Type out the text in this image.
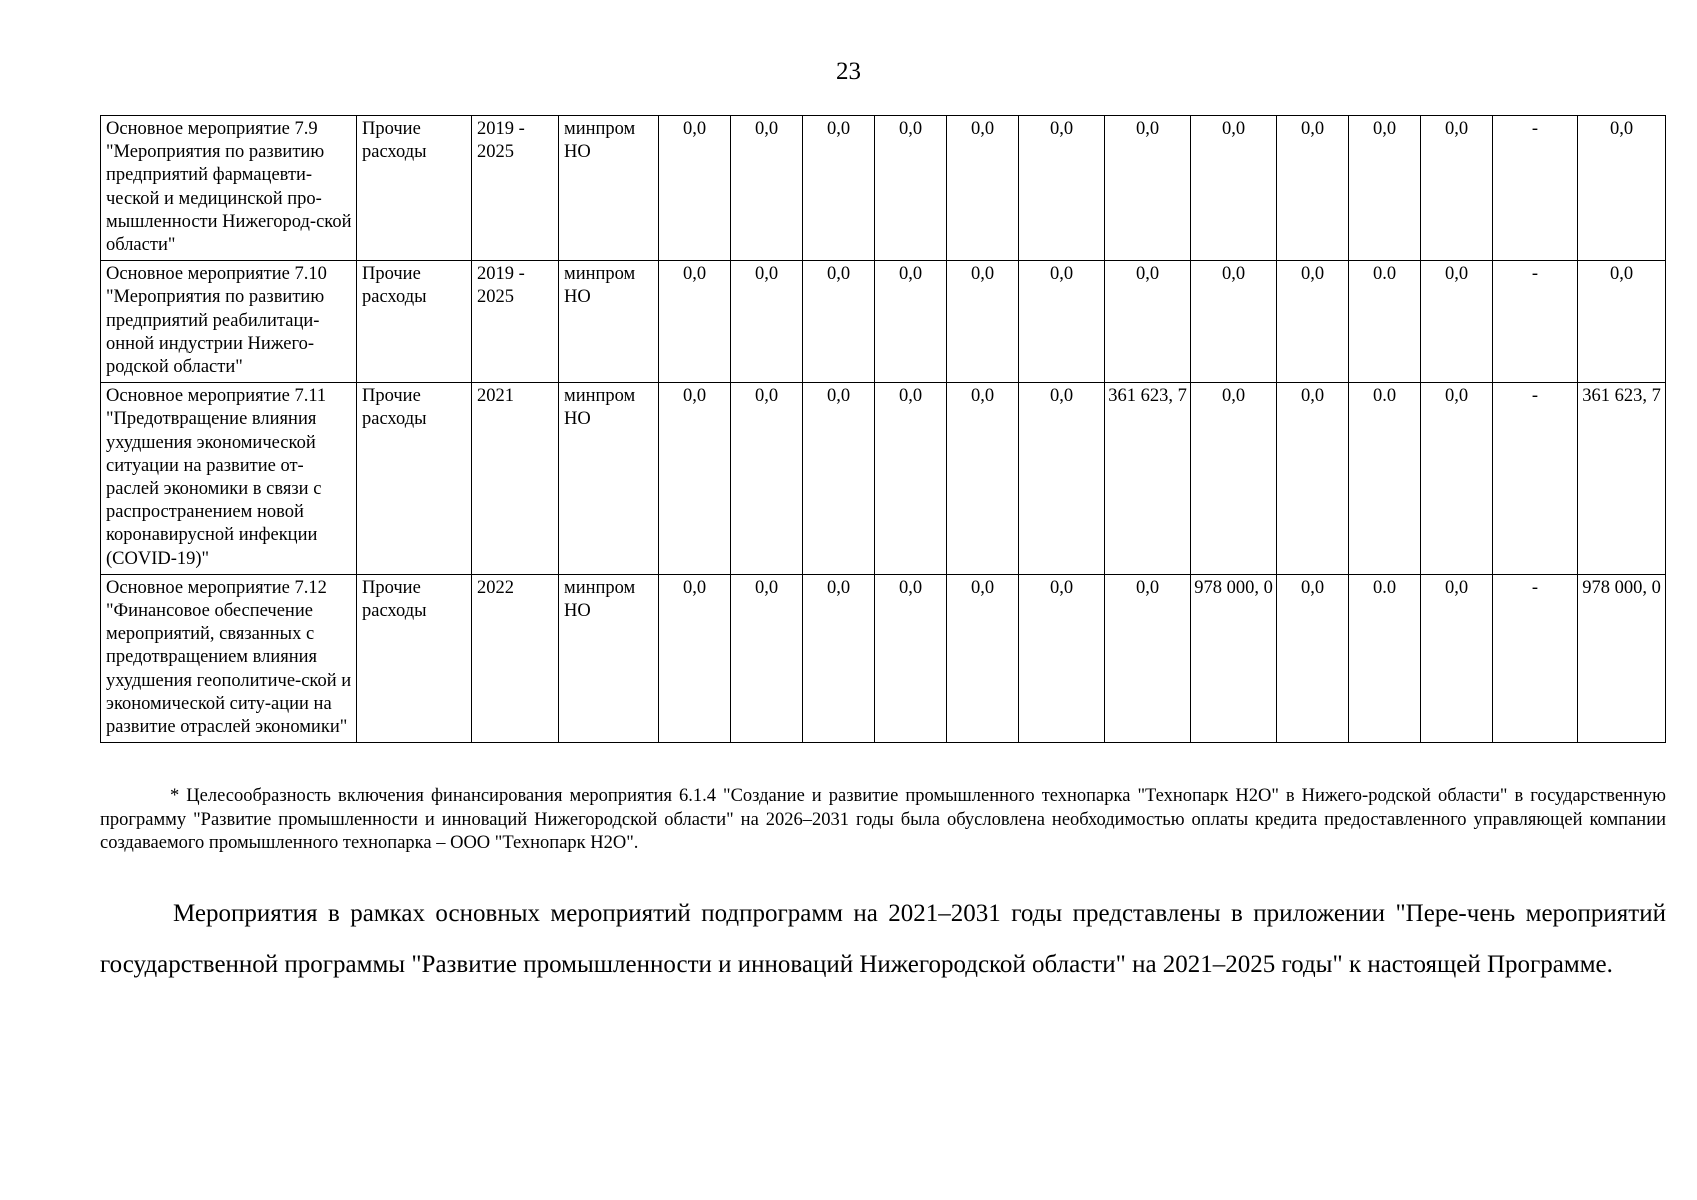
23
Основное мероприятие 7.9 "Мероприятия по развитию предприятий фармацевти-ческой и медицинской про-мышленности Нижегород-ской области"	Прочие расходы	2019 - 2025	минпром НО	0,0	0,0	0,0	0,0	0,0	0,0	0,0	0,0	0,0	0,0	0,0	-	0,0
Основное мероприятие 7.10 "Мероприятия по развитию предприятий реабилитаци-онной индустрии Нижего-родской области"	Прочие расходы	2019 - 2025	минпром НО	0,0	0,0	0,0	0,0	0,0	0,0	0,0	0,0	0,0	0.0	0,0	-	0,0
Основное мероприятие 7.11 "Предотвращение влияния ухудшения экономической ситуации на развитие от-раслей экономики в связи с распространением новой коронавирусной инфекции (COVID-19)"	Прочие расходы	2021	минпром НО	0,0	0,0	0,0	0,0	0,0	0,0	361 623, 7	0,0	0,0	0.0	0,0	-	361 623, 7
Основное мероприятие 7.12 "Финансовое обеспечение мероприятий, связанных с предотвращением влияния ухудшения геополитиче-ской и экономической ситу-ации на развитие отраслей экономики"	Прочие расходы	2022	минпром НО	0,0	0,0	0,0	0,0	0,0	0,0	0,0	978 000, 0	0,0	0.0	0,0	-	978 000, 0
* Целесообразность включения финансирования мероприятия 6.1.4 "Создание и развитие промышленного технопарка "Технопарк Н2О" в Нижего-родской области" в государственную программу "Развитие промышленности и инноваций Нижегородской области" на 2026–2031 годы была обусловлена необходимостью оплаты кредита предоставленного управляющей компании создаваемого промышленного технопарка – ООО "Технопарк Н2О".
Мероприятия в рамках основных мероприятий подпрограмм на 2021–2031 годы представлены в приложении "Пере-чень мероприятий государственной программы "Развитие промышленности и инноваций Нижегородской области" на 2021–2025 годы" к настоящей Программе.
